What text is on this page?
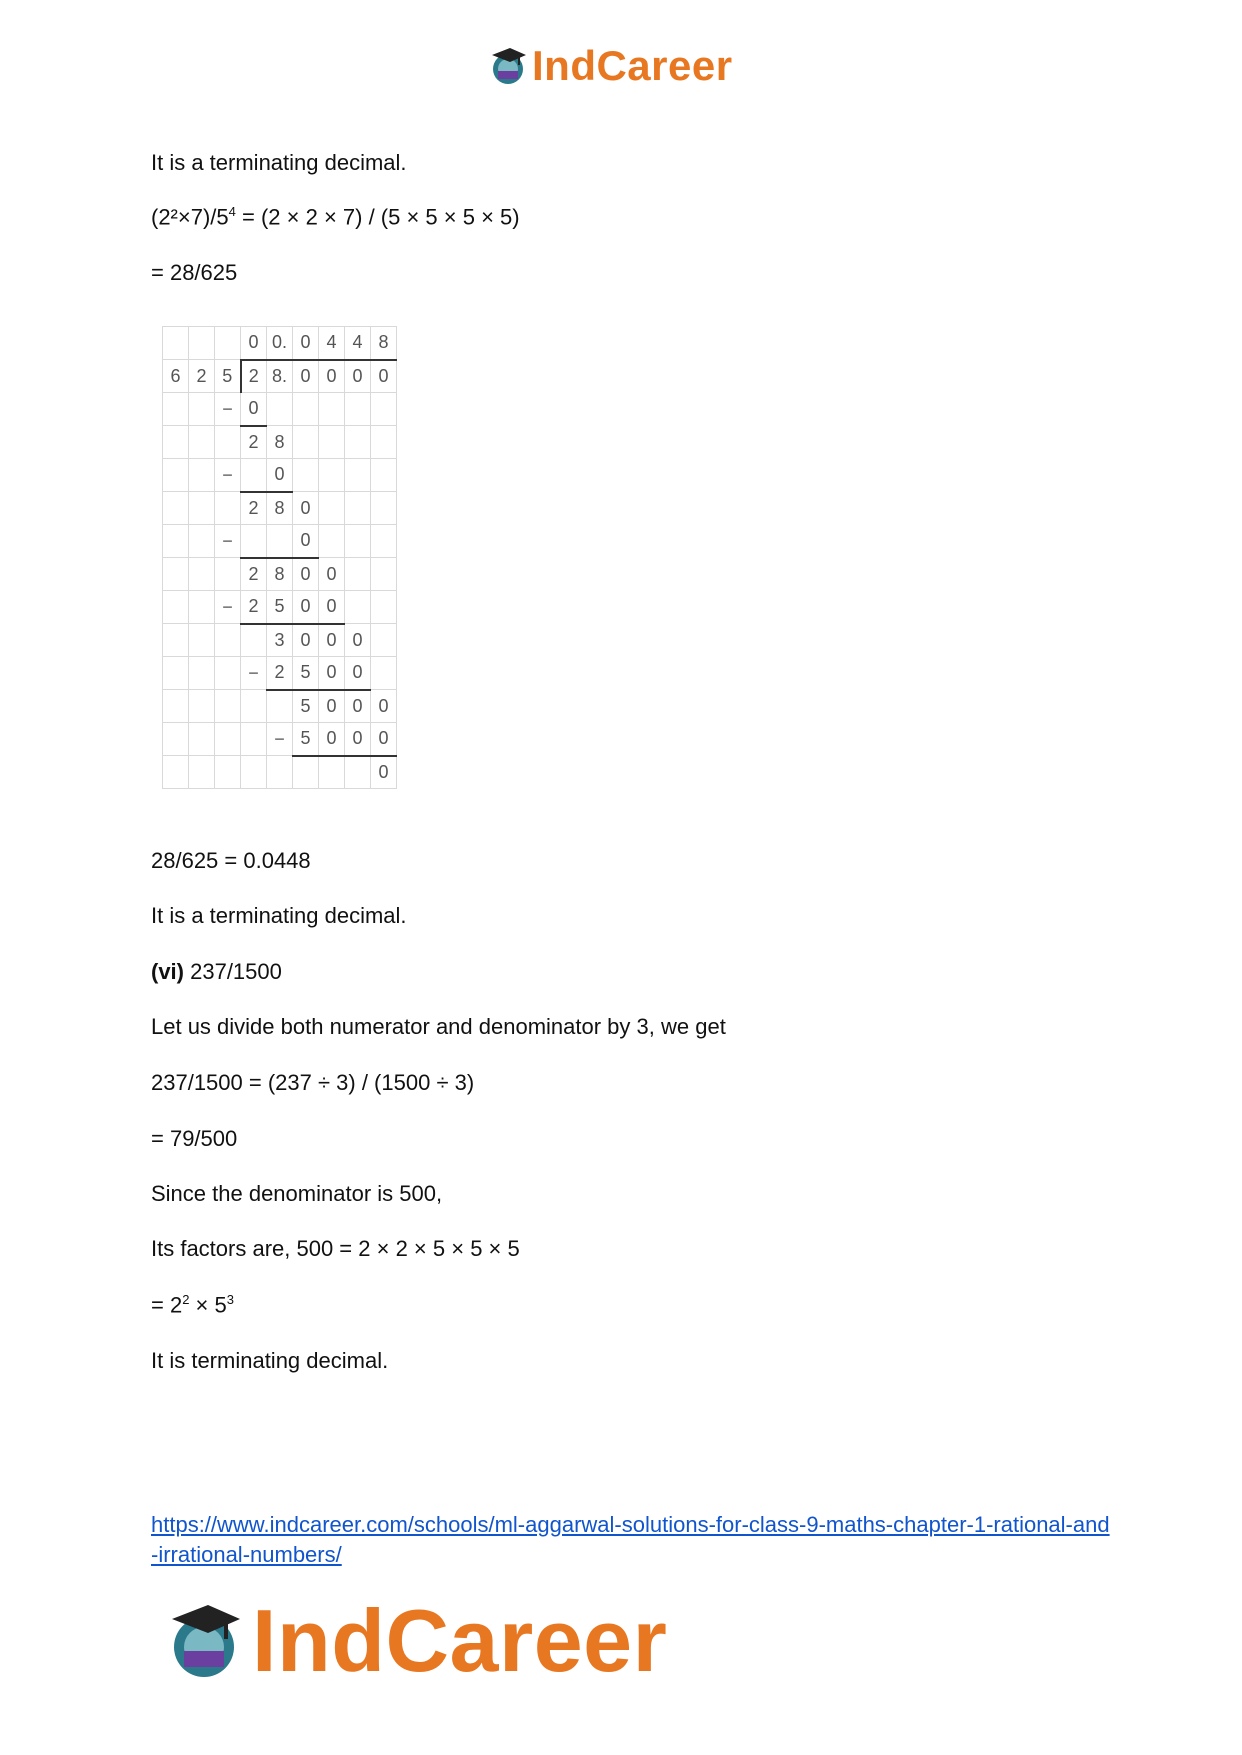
IndCareer
It is a terminating decimal.
$(2^2\times 7)/5^4 = (2 \times 2 \times 7) / (5 \times 5 \times 5 \times 5)$
= 28/625
28/625 = 0.0448
It is a terminating decimal.
(vi) 237/1500
Let us divide both numerator and denominator by 3, we get
237/1500 = (237 ÷ 3) / (1500 ÷ 3)
= 79/500
Since the denominator is 500,
Its factors are, 500 = 2 × 2 × 5 × 5 × 5
= $2^2 \times 5^3$
It is terminating decimal.
			0	0.	0	4	4	8
6	2	5	2	8.	0	0	0	0
		−	0					
			2	8				
		−		0				
			2	8	0			
		−			0			
			2	8	0	0		
		−	2	5	0	0		
				3	0	0	0	
			−	2	5	0	0	
					5	0	0	0
				−	5	0	0	0
								0
https://www.indcareer.com/schools/ml-aggarwal-solutions-for-class-9-maths-chapter-1-rational-and-irrational-numbers/
IndCareer
